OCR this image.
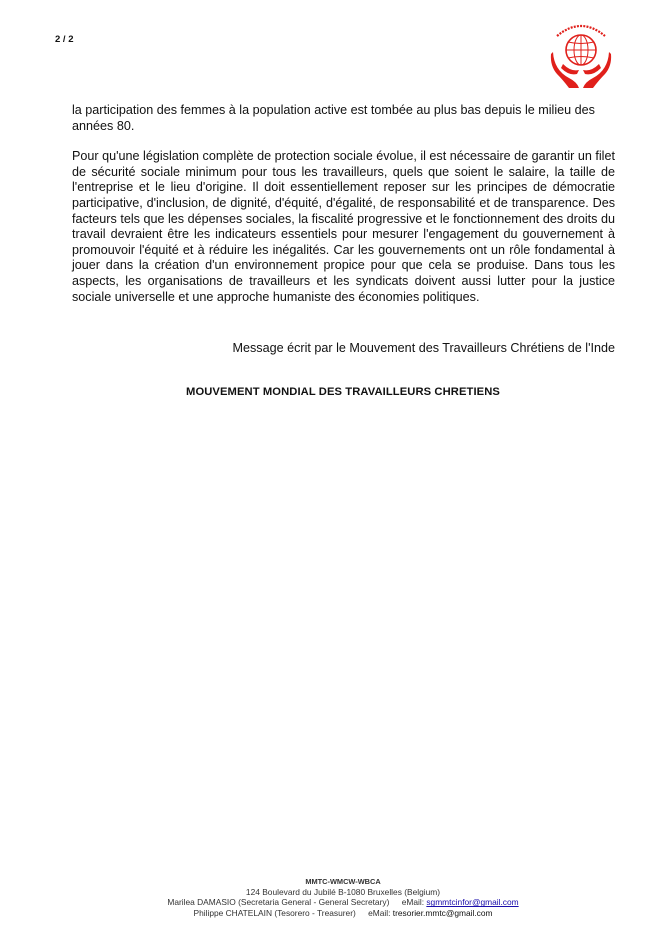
2 / 2

la participation des femmes à la population active est tombée au plus bas depuis le milieu des années 80.

Pour qu'une législation complète de protection sociale évolue, il est nécessaire de garantir un filet de sécurité sociale minimum pour tous les travailleurs, quels que soient le salaire, la taille de l'entreprise et le lieu d'origine. Il doit essentiellement reposer sur les principes de démocratie participative, d'inclusion, de dignité, d'équité, d'égalité, de responsabilité et de transparence. Des facteurs tels que les dépenses sociales, la fiscalité progressive et le fonctionnement des droits du travail devraient être les indicateurs essentiels pour mesurer l'engagement du gouvernement à promouvoir l'équité et à réduire les inégalités. Car les gouvernements ont un rôle fondamental à jouer dans la création d'un environnement propice pour que cela se produise. Dans tous les aspects, les organisations de travailleurs et les syndicats doivent aussi lutter pour la justice sociale universelle et une approche humaniste des économies politiques.

Message écrit par le Mouvement des Travailleurs Chrétiens de l'Inde
MOUVEMENT MONDIAL DES TRAVAILLEURS CHRETIENS
MMTC-WMCW-WBCA
124 Boulevard du Jubilé B-1080 Bruxelles (Belgium)
Marilea DAMASIO (Secretaria General - General Secretary) eMail: sgmmtcinfor@gmail.com
Philippe CHATELAIN (Tesorero - Treasurer) eMail: tresorier.mmtc@gmail.com
